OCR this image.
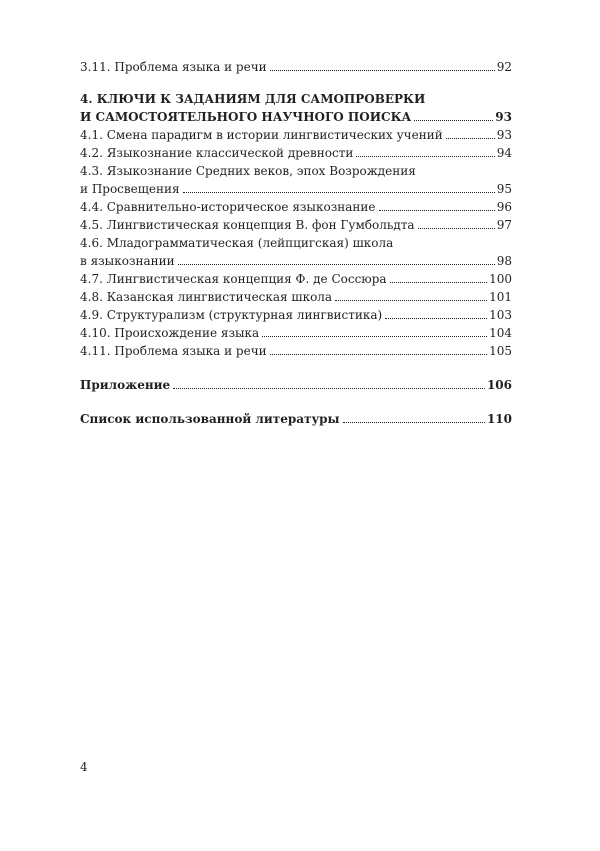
3.11. Проблема языка и речи	92
4. КЛЮЧИ К ЗАДАНИЯМ ДЛЯ САМОПРОВЕРКИ
И САМОСТОЯТЕЛЬНОГО НАУЧНОГО ПОИСКА	93
4.1. Смена парадигм в истории лингвистических учений	93
4.2. Языкознание классической древности	94
4.3. Языкознание Средних веков, эпох Возрождения
и Просвещения	95
4.4. Сравнительно-историческое языкознание	96
4.5. Лингвистическая концепция В. фон Гумбольдта	97
4.6. Младограмматическая (лейпцигская) школа
в языкознании	98
4.7. Лингвистическая концепция Ф. де Соссюра	100
4.8. Казанская лингвистическая школа	101
4.9. Структурализм (структурная лингвистика)	103
4.10. Происхождение языка	104
4.11. Проблема языка и речи	105
Приложение	106
Список использованной литературы	110
4
